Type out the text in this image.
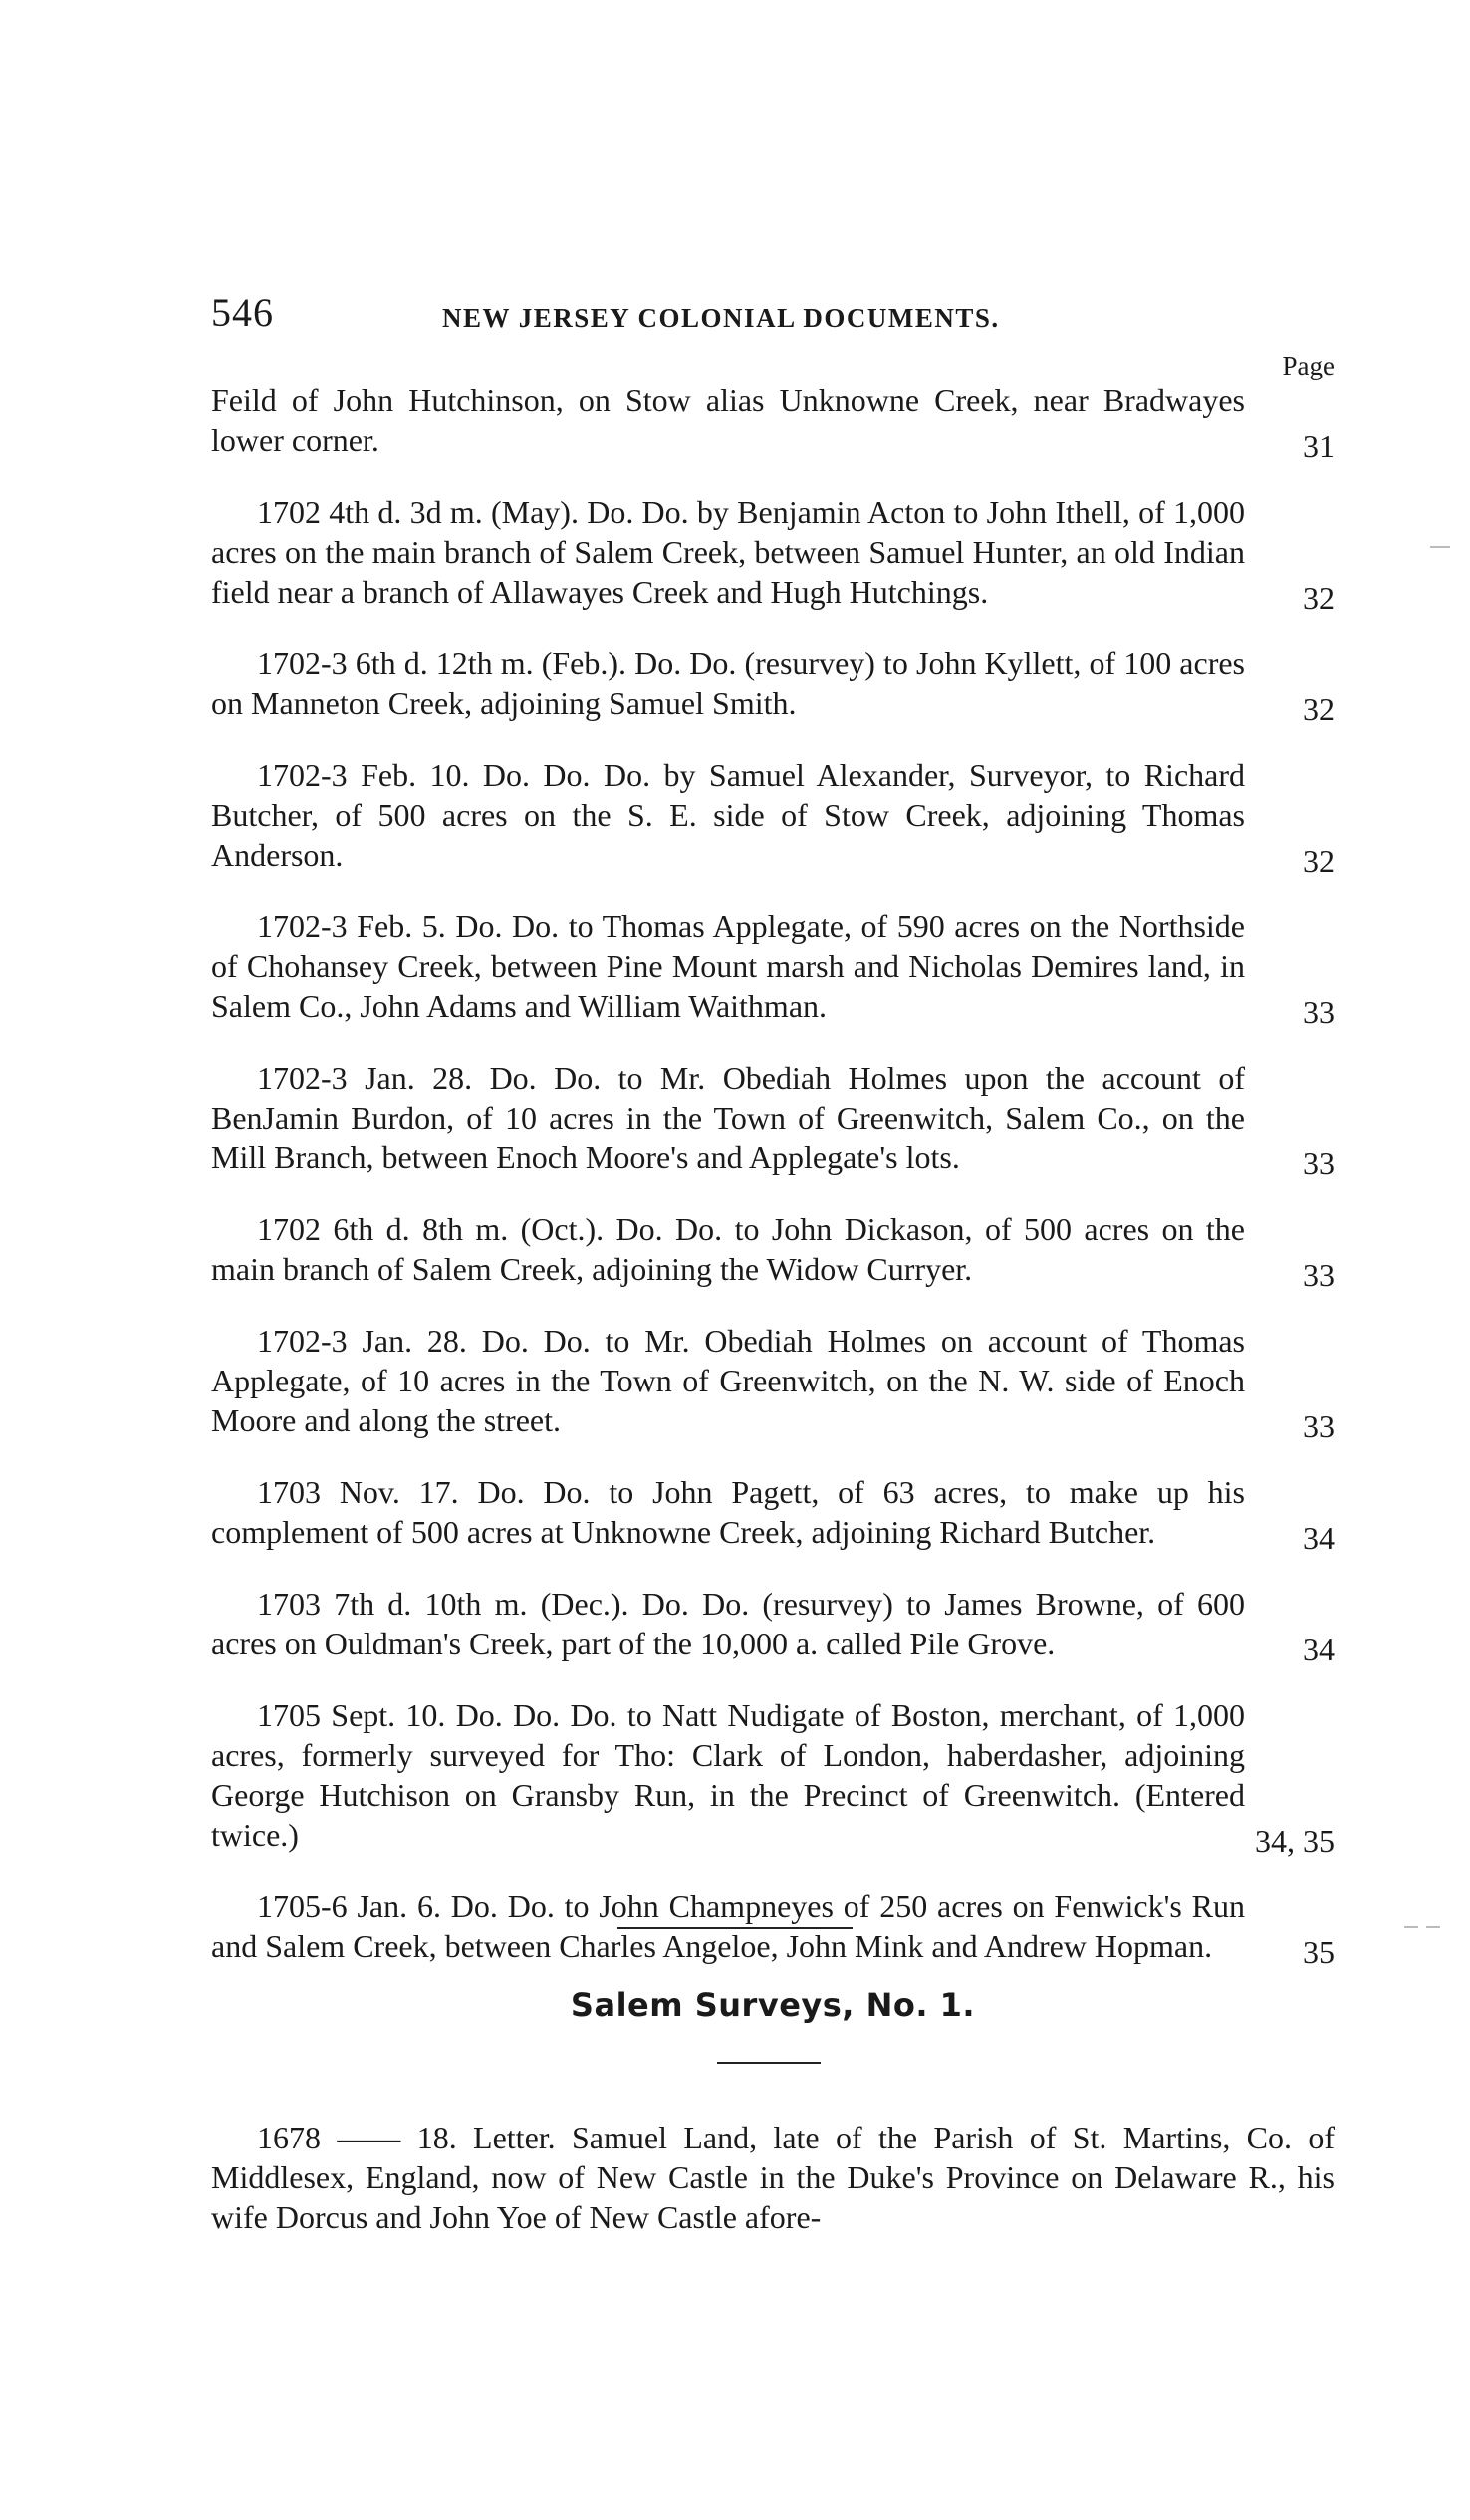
546	NEW JERSEY COLONIAL DOCUMENTS.
Page

Feild of John Hutchinson, on Stow alias Unknowne Creek, near Bradwayes lower corner.	31

1702 4th d. 3d m. (May). Do. Do. by Benjamin Acton to John Ithell, of 1,000 acres on the main branch of Salem Creek, between Samuel Hunter, an old Indian field near a branch of Allawayes Creek and Hugh Hutchings.	32

1702-3 6th d. 12th m. (Feb.). Do. Do. (resurvey) to John Kyllett, of 100 acres on Manneton Creek, adjoining Samuel Smith.	32

1702-3 Feb. 10. Do. Do. Do. by Samuel Alexander, Surveyor, to Richard Butcher, of 500 acres on the S. E. side of Stow Creek, adjoining Thomas Anderson.	32

1702-3 Feb. 5. Do. Do. to Thomas Applegate, of 590 acres on the Northside of Chohansey Creek, between Pine Mount marsh and Nicholas Demires land, in Salem Co., John Adams and William Waithman.	33

1702-3 Jan. 28. Do. Do. to Mr. Obediah Holmes upon the account of BenJamin Burdon, of 10 acres in the Town of Greenwitch, Salem Co., on the Mill Branch, between Enoch Moore's and Applegate's lots.	33

1702 6th d. 8th m. (Oct.). Do. Do. to John Dickason, of 500 acres on the main branch of Salem Creek, adjoining the Widow Curryer.	33

1702-3 Jan. 28. Do. Do. to Mr. Obediah Holmes on account of Thomas Applegate, of 10 acres in the Town of Greenwitch, on the N. W. side of Enoch Moore and along the street.	33

1703 Nov. 17. Do. Do. to John Pagett, of 63 acres, to make up his complement of 500 acres at Unknowne Creek, adjoining Richard Butcher.	34

1703 7th d. 10th m. (Dec.). Do. Do. (resurvey) to James Browne, of 600 acres on Ouldman's Creek, part of the 10,000 a. called Pile Grove.	34

1705 Sept. 10. Do. Do. Do. to Natt Nudigate of Boston, merchant, of 1,000 acres, formerly surveyed for Tho: Clark of London, haberdasher, adjoining George Hutchison on Gransby Run, in the Precinct of Greenwitch. (Entered twice.)	34, 35

1705-6 Jan. 6. Do. Do. to John Champneyes of 250 acres on Fenwick's Run and Salem Creek, between Charles Angeloe, John Mink and Andrew Hopman.	35

Salem Surveys, No. 1.

1678 —— 18. Letter. Samuel Land, late of the Parish of St. Martins, Co. of Middlesex, England, now of New Castle in the Duke's Province on Delaware R., his wife Dorcus and John Yoe of New Castle afore-
